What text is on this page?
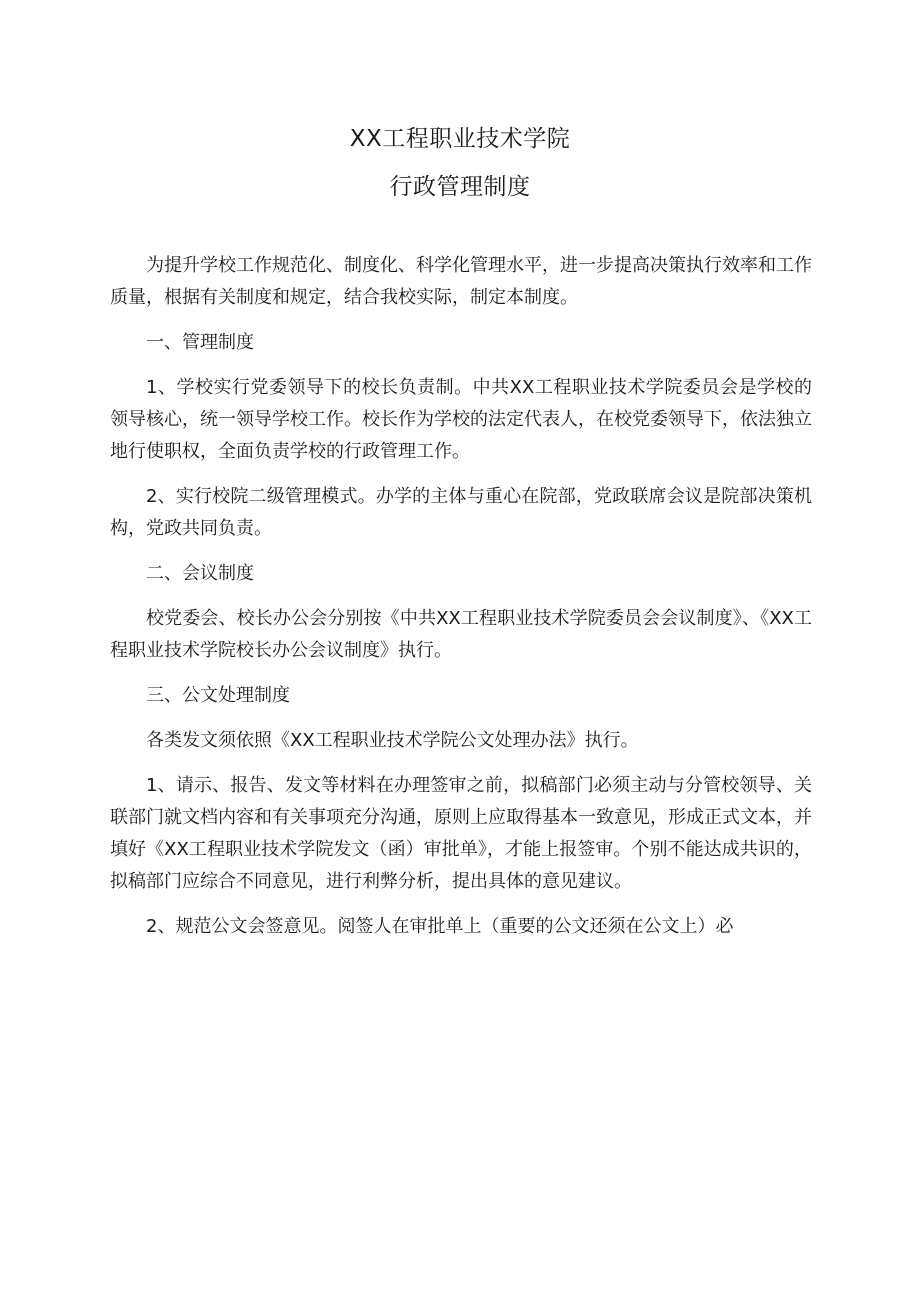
XX工程职业技术学院
行政管理制度

为提升学校工作规范化、制度化、科学化管理水平，进一步提高决策执行效率和工作质量，根据有关制度和规定，结合我校实际，制定本制度。

一、管理制度

1、学校实行党委领导下的校长负责制。中共XX工程职业技术学院委员会是学校的领导核心，统一领导学校工作。校长作为学校的法定代表人，在校党委领导下，依法独立地行使职权，全面负责学校的行政管理工作。

2、实行校院二级管理模式。办学的主体与重心在院部，党政联席会议是院部决策机构，党政共同负责。

二、会议制度

校党委会、校长办公会分别按《中共XX工程职业技术学院委员会会议制度》、《XX工程职业技术学院校长办公会议制度》执行。

三、公文处理制度

各类发文须依照《XX工程职业技术学院公文处理办法》执行。

1、请示、报告、发文等材料在办理签审之前，拟稿部门必须主动与分管校领导、关联部门就文档内容和有关事项充分沟通，原则上应取得基本一致意见，形成正式文本，并填好《XX工程职业技术学院发文（函）审批单》，才能上报签审。个别不能达成共识的，拟稿部门应综合不同意见，进行利弊分析，提出具体的意见建议。

2、规范公文会签意见。阅签人在审批单上（重要的公文还须在公文上）必
